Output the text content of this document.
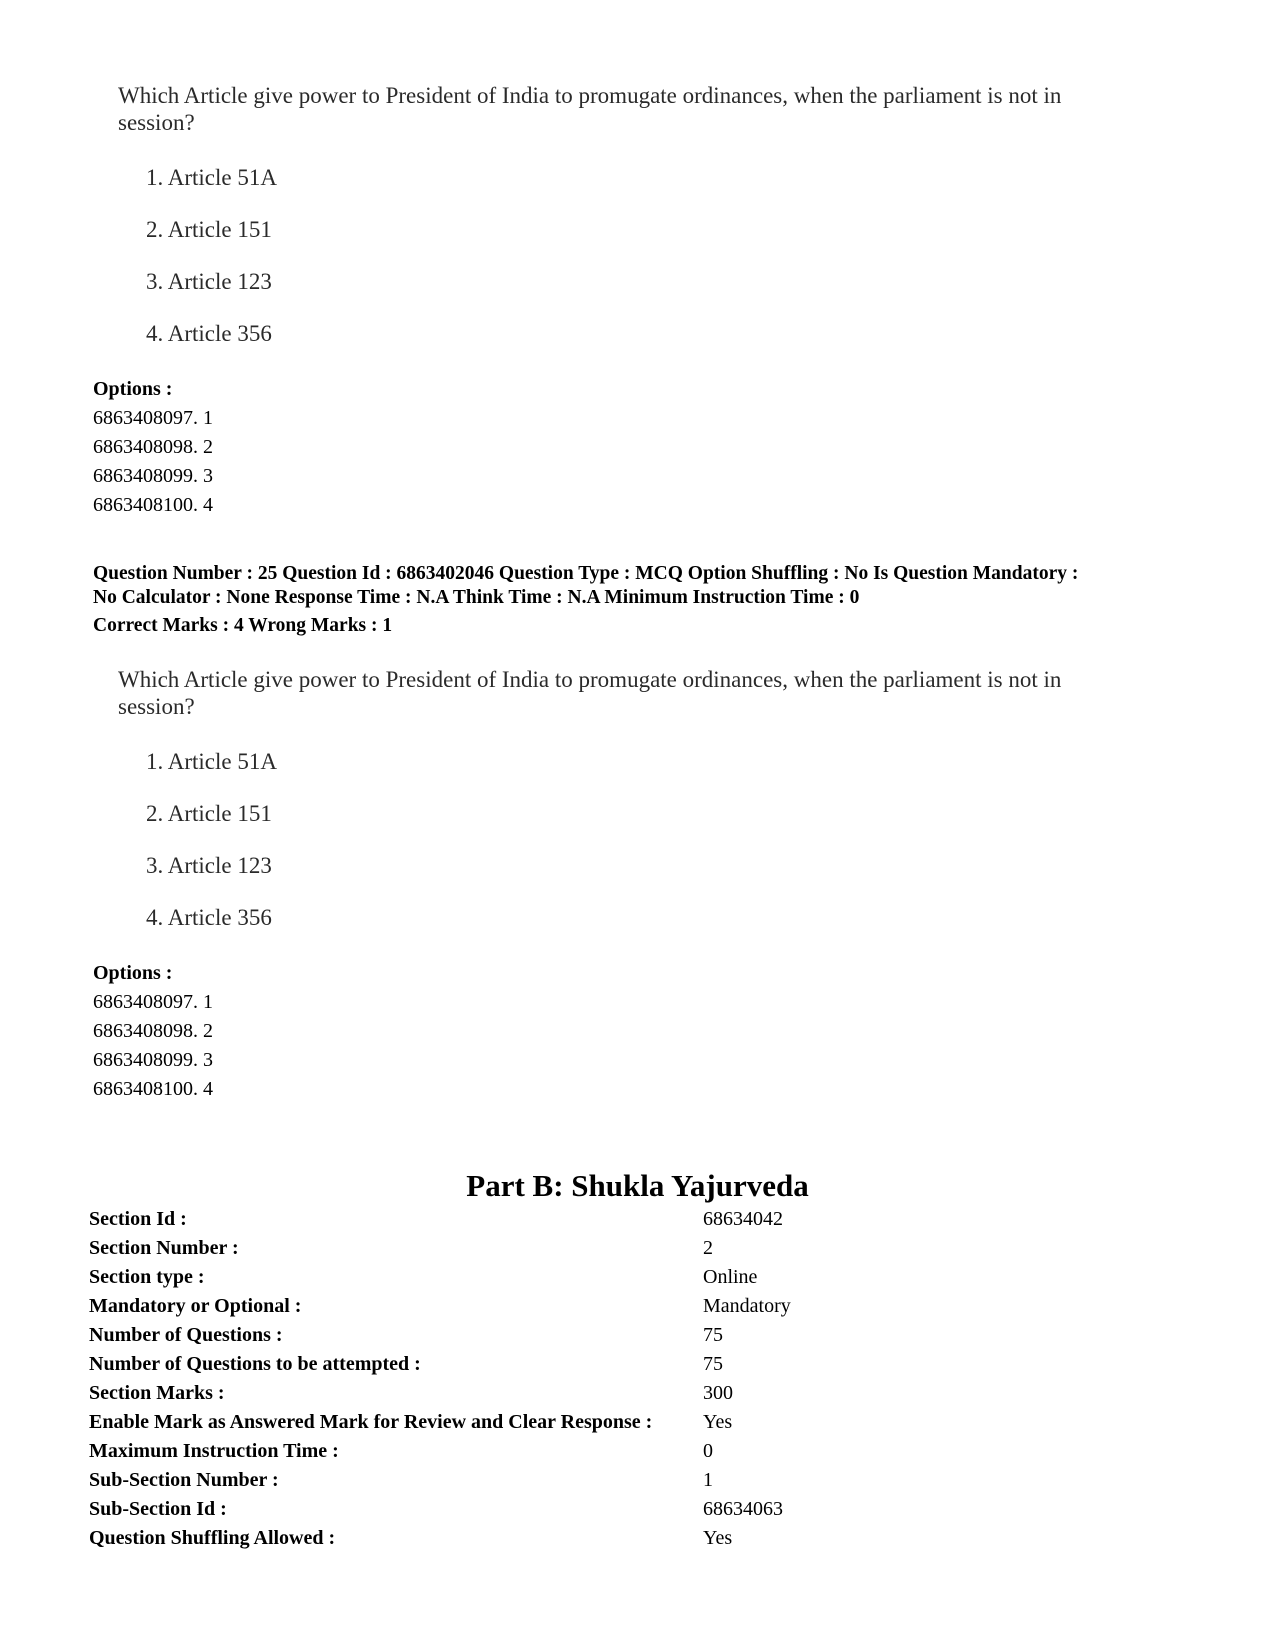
Which Article give power to President of India to promugate ordinances, when the parliament is not in
session?
1. Article 51A
2. Article 151
3. Article 123
4. Article 356
Options :
6863408097. 1
6863408098. 2
6863408099. 3
6863408100. 4
Question Number : 25 Question Id : 6863402046 Question Type : MCQ Option Shuffling : No Is Question Mandatory :
No Calculator : None Response Time : N.A Think Time : N.A Minimum Instruction Time : 0
Correct Marks : 4 Wrong Marks : 1
Which Article give power to President of India to promugate ordinances, when the parliament is not in
session?
1. Article 51A
2. Article 151
3. Article 123
4. Article 356
Options :
6863408097. 1
6863408098. 2
6863408099. 3
6863408100. 4
Part B: Shukla Yajurveda
Section Id :	68634042
Section Number :	2
Section type :	Online
Mandatory or Optional :	Mandatory
Number of Questions :	75
Number of Questions to be attempted :	75
Section Marks :	300
Enable Mark as Answered Mark for Review and Clear Response :	Yes
Maximum Instruction Time :	0
Sub-Section Number :	1
Sub-Section Id :	68634063
Question Shuffling Allowed :	Yes
